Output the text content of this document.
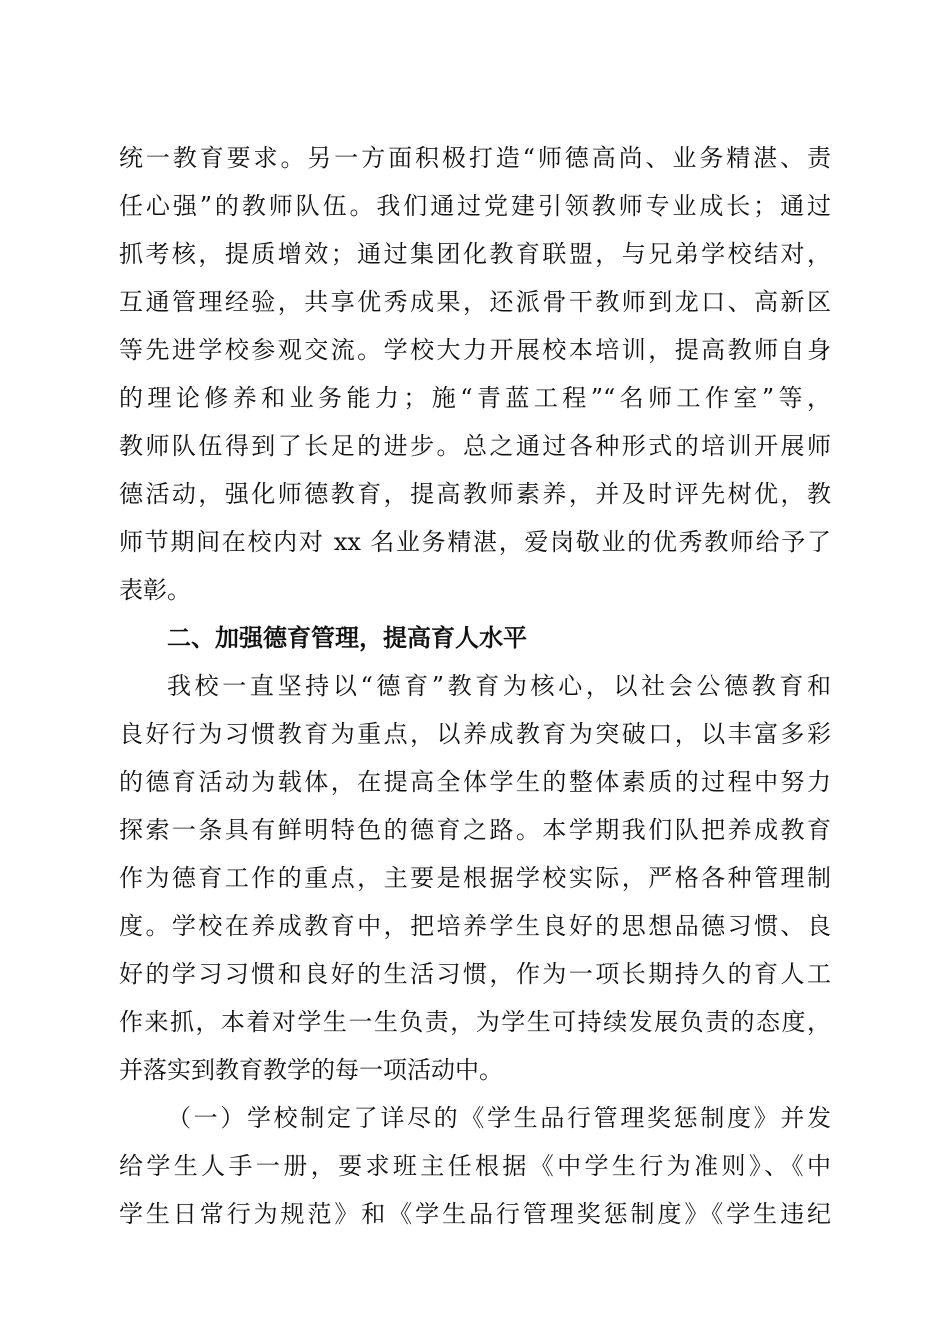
统一教育要求。另一方面积极打造“师德高尚、业务精湛、责
任心强”的教师队伍。我们通过党建引领教师专业成长；通过
抓考核，提质增效；通过集团化教育联盟，与兄弟学校结对，
互通管理经验，共享优秀成果，还派骨干教师到龙口、高新区
等先进学校参观交流。学校大力开展校本培训，提高教师自身
的理论修养和业务能力；施“青蓝工程”“名师工作室”等，
教师队伍得到了长足的进步。总之通过各种形式的培训开展师
德活动，强化师德教育，提高教师素养，并及时评先树优，教
师节期间在校内对 xx 名业务精湛，爱岗敬业的优秀教师给予了
表彰。
二、加强德育管理，提高育人水平
我校一直坚持以“德育”教育为核心，以社会公德教育和
良好行为习惯教育为重点，以养成教育为突破口，以丰富多彩
的德育活动为载体，在提高全体学生的整体素质的过程中努力
探索一条具有鲜明特色的德育之路。本学期我们队把养成教育
作为德育工作的重点，主要是根据学校实际，严格各种管理制
度。学校在养成教育中，把培养学生良好的思想品德习惯、良
好的学习习惯和良好的生活习惯，作为一项长期持久的育人工
作来抓，本着对学生一生负责，为学生可持续发展负责的态度，
并落实到教育教学的每一项活动中。
（一）学校制定了详尽的《学生品行管理奖惩制度》并发
给学生人手一册，要求班主任根据《中学生行为准则》、《中
学生日常行为规范》和《学生品行管理奖惩制度》《学生违纪
